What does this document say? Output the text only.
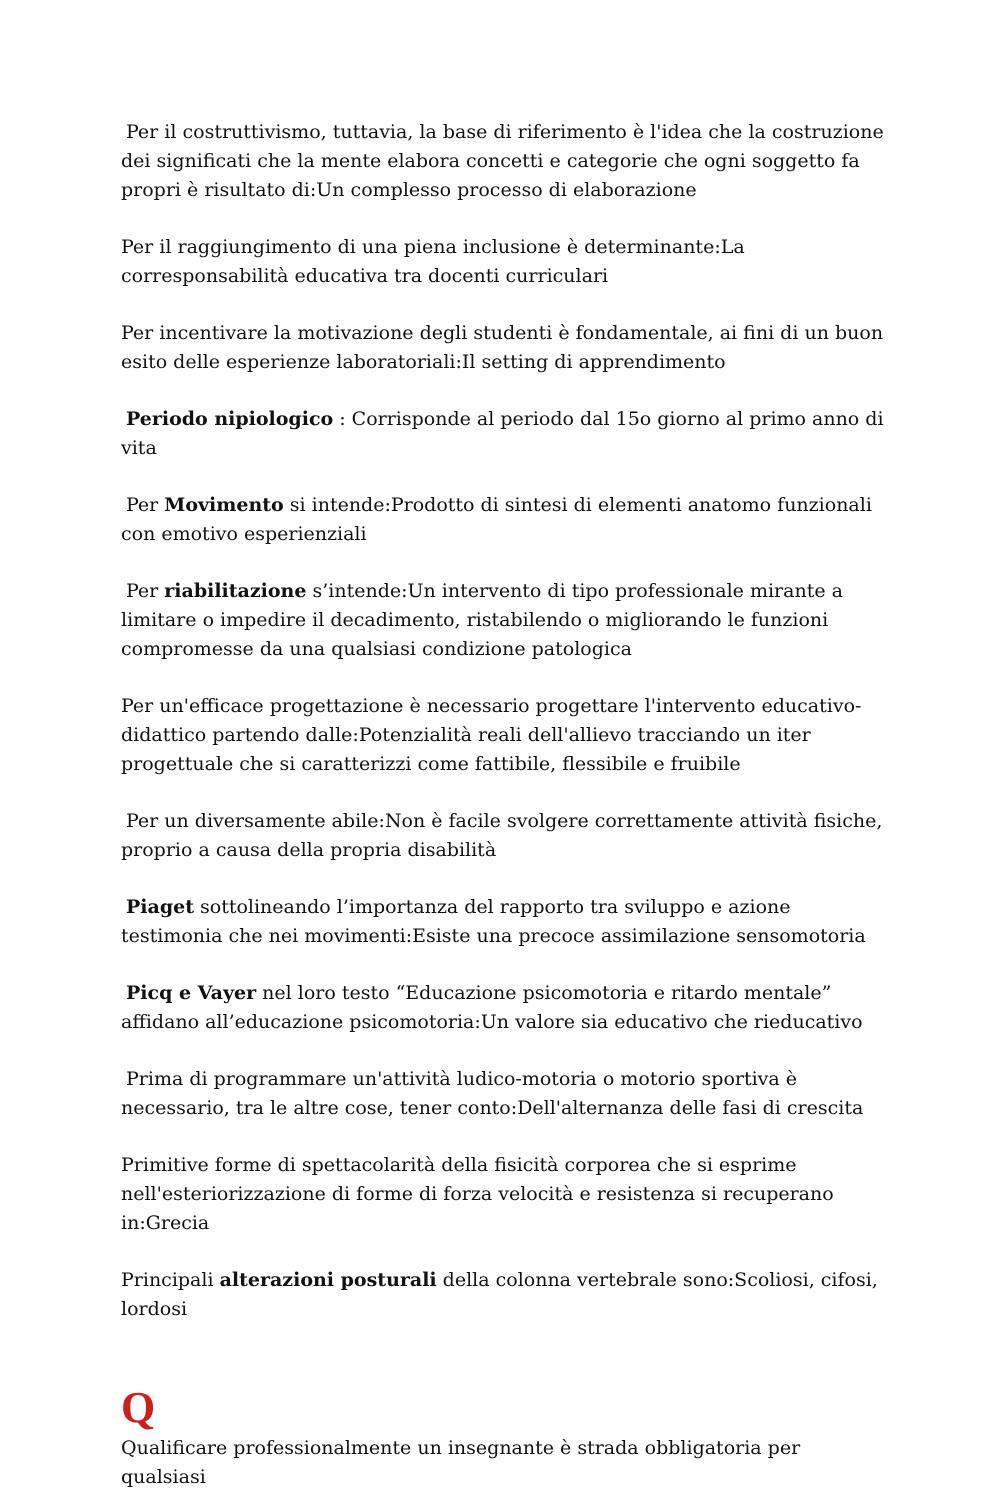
Per il costruttivismo, tuttavia, la base di riferimento è l'idea che la costruzione dei significati che la mente elabora concetti e categorie che ogni soggetto fa propri è risultato di:Un complesso processo di elaborazione

Per il raggiungimento di una piena inclusione è determinante:La corresponsabilità educativa tra docenti curriculari

Per incentivare la motivazione degli studenti è fondamentale, ai fini di un buon esito delle esperienze laboratoriali:Il setting di apprendimento

Periodo nipiologico : Corrisponde al periodo dal 15o giorno al primo anno di vita

Per Movimento si intende:Prodotto di sintesi di elementi anatomo funzionali con emotivo esperienziali

Per riabilitazione s’intende:Un intervento di tipo professionale mirante a limitare o impedire il decadimento, ristabilendo o migliorando le funzioni compromesse da una qualsiasi condizione patologica

Per un'efficace progettazione è necessario progettare l'intervento educativo-didattico partendo dalle:Potenzialità reali dell'allievo tracciando un iter progettuale che si caratterizzi come fattibile, flessibile e fruibile

Per un diversamente abile:Non è facile svolgere correttamente attività fisiche, proprio a causa della propria disabilità

Piaget sottolineando l’importanza del rapporto tra sviluppo e azione testimonia che nei movimenti:Esiste una precoce assimilazione sensomotoria

Picq e Vayer nel loro testo “Educazione psicomotoria e ritardo mentale” affidano all’educazione psicomotoria:Un valore sia educativo che rieducativo

Prima di programmare un'attività ludico-motoria o motorio sportiva è necessario, tra le altre cose, tener conto:Dell'alternanza delle fasi di crescita

Primitive forme di spettacolarità della fisicità corporea che si esprime nell'esteriorizzazione di forme di forza velocità e resistenza si recuperano in:Grecia

Principali alterazioni posturali della colonna vertebrale sono:Scoliosi, cifosi, lordosi

Q

Qualificare professionalmente un insegnante è strada obbligatoria per qualsiasi
